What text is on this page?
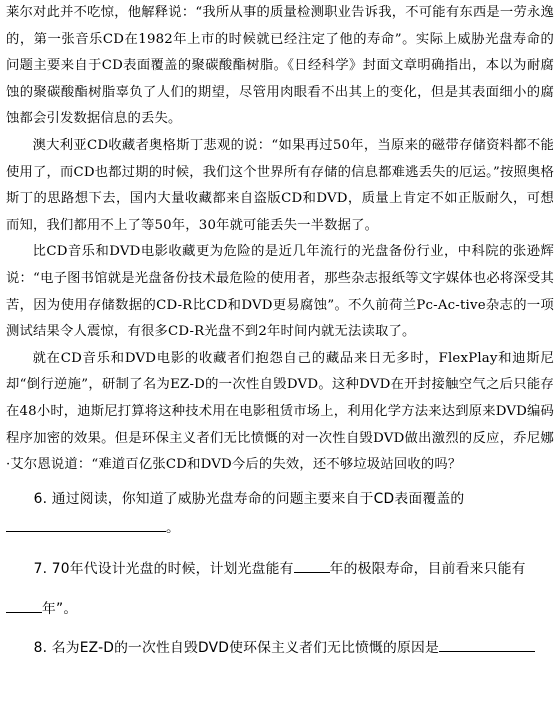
莱尔对此并不吃惊，他解释说：“我所从事的质量检测职业告诉我，不可能有东西是一劳永逸的，第一张音乐CD在1982年上市的时候就已经注定了他的寿命”。实际上威胁光盘寿命的问题主要来自于CD表面覆盖的聚碳酸酯树脂。《日经科学》封面文章明确指出，本以为耐腐蚀的聚碳酸酯树脂辜负了人们的期望，尽管用肉眼看不出其上的变化，但是其表面细小的腐蚀都会引发数据信息的丢失。

澳大利亚CD收藏者奥格斯丁悲观的说：“如果再过50年，当原来的磁带存储资料都不能使用了，而CD也都过期的时候，我们这个世界所有存储的信息都难逃丢失的厄运。”按照奥格斯丁的思路想下去，国内大量收藏都来自盗版CD和DVD，质量上肯定不如正版耐久，可想而知，我们都用不上了等50年，30年就可能丢失一半数据了。

比CD音乐和DVD电影收藏更为危险的是近几年流行的光盘备份行业，中科院的张逊辉说：“电子图书馆就是光盘备份技术最危险的使用者，那些杂志报纸等文字媒体也必将深受其苦，因为使用存储数据的CD-R比CD和DVD更易腐蚀”。不久前荷兰Pc-Ac-tive杂志的一项测试结果令人震惊，有很多CD-R光盘不到2年时间内就无法读取了。

就在CD音乐和DVD电影的收藏者们抱怨自己的藏品来日无多时，FlexPlay和迪斯尼却“倒行逆施”，研制了名为EZ-D的一次性自毁DVD。这种DVD在开封接触空气之后只能存在48小时，迪斯尼打算将这种技术用在电影租赁市场上，利用化学方法来达到原来DVD编码程序加密的效果。但是环保主义者们无比愤慨的对一次性自毁DVD做出激烈的反应，乔尼娜·艾尔恩说道：“难道百亿张CD和DVD今后的失效，还不够垃圾站回收的吗？

6. 通过阅读，你知道了威胁光盘寿命的问题主要来自于CD表面覆盖的。

7. 70年代设计光盘的时候，计划光盘能有	年的极限寿命，目前看来只能有年”。

8. 名为EZ-D的一次性自毁DVD使环保主义者们无比愤慨的原因是
